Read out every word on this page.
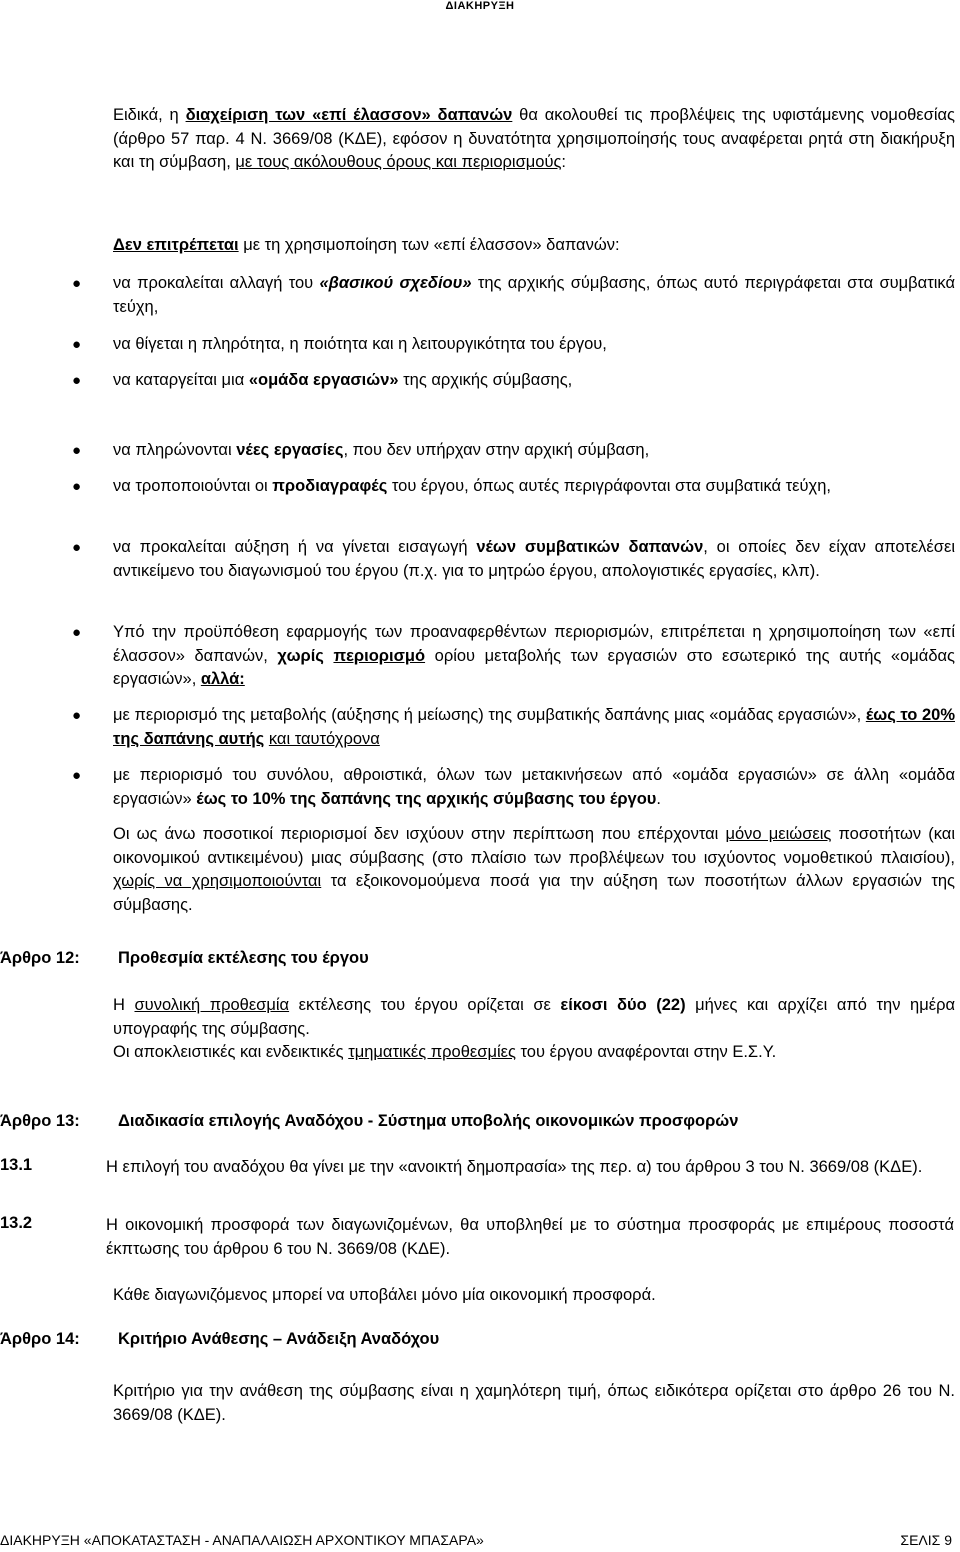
ΔΙΑΚΗΡΥΞΗ
Ειδικά, η διαχείριση των «επί έλασσον» δαπανών θα ακολουθεί τις προβλέψεις της υφιστάμενης νομοθεσίας (άρθρο 57 παρ. 4 Ν. 3669/08 (ΚΔΕ), εφόσον η δυνατότητα χρησιμοποίησής τους αναφέρεται ρητά στη διακήρυξη και τη σύμβαση, με τους ακόλουθους όρους και περιορισμούς:
Δεν επιτρέπεται με τη χρησιμοποίηση των «επί έλασσον» δαπανών:
● να προκαλείται αλλαγή του «βασικού σχεδίου» της αρχικής σύμβασης, όπως αυτό περιγράφεται στα συμβατικά τεύχη,
● να θίγεται η πληρότητα, η ποιότητα και η λειτουργικότητα του έργου,
● να καταργείται μια «ομάδα εργασιών» της αρχικής σύμβασης,
● να πληρώνονται νέες εργασίες, που δεν υπήρχαν στην αρχική σύμβαση,
● να τροποποιούνται οι προδιαγραφές του έργου, όπως αυτές περιγράφονται στα συμβατικά τεύχη,
● να προκαλείται αύξηση ή να γίνεται εισαγωγή νέων συμβατικών δαπανών, οι οποίες δεν είχαν αποτελέσει αντικείμενο του διαγωνισμού του έργου (π.χ. για το μητρώο έργου, απολογιστικές εργασίες, κλπ).
● Υπό την προϋπόθεση εφαρμογής των προαναφερθέντων περιορισμών, επιτρέπεται η χρησιμοποίηση των «επί έλασσον» δαπανών, χωρίς περιορισμό ορίου μεταβολής των εργασιών στο εσωτερικό της αυτής «ομάδας εργασιών», αλλά:
● με περιορισμό της μεταβολής (αύξησης ή μείωσης) της συμβατικής δαπάνης μιας «ομάδας εργασιών», έως το 20% της δαπάνης αυτής και ταυτόχρονα
● με περιορισμό του συνόλου, αθροιστικά, όλων των μετακινήσεων από «ομάδα εργασιών» σε άλλη «ομάδα εργασιών» έως το 10% της δαπάνης της αρχικής σύμβασης του έργου.
Οι ως άνω ποσοτικοί περιορισμοί δεν ισχύουν στην περίπτωση που επέρχονται μόνο μειώσεις ποσοτήτων (και οικονομικού αντικειμένου) μιας σύμβασης (στο πλαίσιο των προβλέψεων του ισχύοντος νομοθετικού πλαισίου), χωρίς να χρησιμοποιούνται τα εξοικονομούμενα ποσά για την αύξηση των ποσοτήτων άλλων εργασιών της σύμβασης.
Άρθρο 12: Προθεσμία εκτέλεσης του έργου
Η συνολική προθεσμία εκτέλεσης του έργου ορίζεται σε είκοσι δύο (22) μήνες και αρχίζει από την ημέρα υπογραφής της σύμβασης.
Οι αποκλειστικές και ενδεικτικές τμηματικές προθεσμίες του έργου αναφέρονται στην Ε.Σ.Υ.
Άρθρο 13: Διαδικασία επιλογής Αναδόχου - Σύστημα υποβολής οικονομικών προσφορών
13.1	Η επιλογή του αναδόχου θα γίνει με την «ανοικτή δημοπρασία» της περ. α) του άρθρου 3 του Ν. 3669/08 (ΚΔΕ).
13.2	Η οικονομική προσφορά των διαγωνιζομένων, θα υποβληθεί με το σύστημα προσφοράς με επιμέρους ποσοστά έκπτωσης του άρθρου 6 του Ν. 3669/08 (ΚΔΕ).
Κάθε διαγωνιζόμενος μπορεί να υποβάλει μόνο μία οικονομική προσφορά.
Άρθρο 14: Κριτήριο Ανάθεσης – Ανάδειξη Αναδόχου
Κριτήριο για την ανάθεση της σύμβασης είναι η χαμηλότερη τιμή, όπως ειδικότερα ορίζεται στο άρθρο 26 του Ν. 3669/08 (ΚΔΕ).
ΔΙΑΚΗΡΥΞΗ «ΑΠΟΚΑΤΑΣΤΑΣΗ - ΑΝΑΠΑΛΑΙΩΣΗ ΑΡΧΟΝΤΙΚΟΥ ΜΠΑΣΑΡΑ»	ΣΕΛΙΣ 9
